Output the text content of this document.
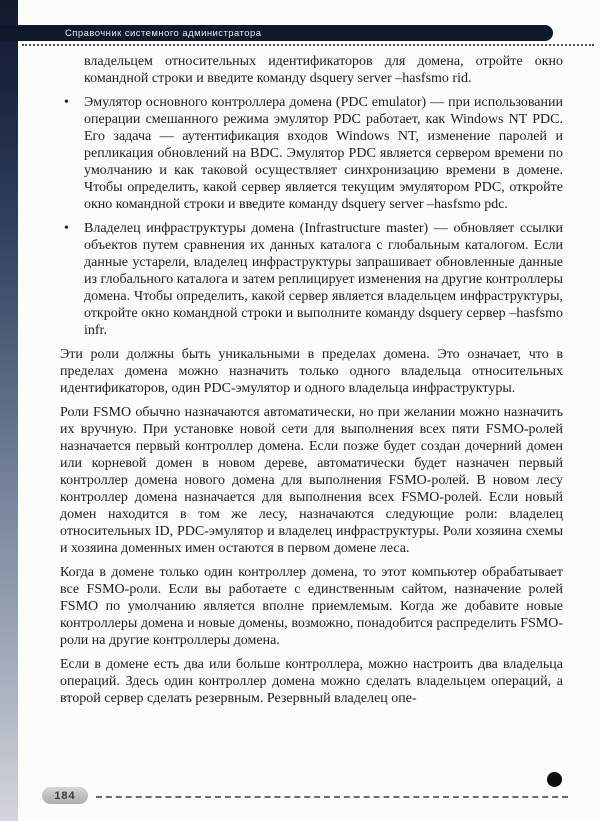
Справочник системного администратора

владельцем относительных идентификаторов для домена, отройте окно командной строки и введите команду dsquery server –hasfsmo rid.

• Эмулятор основного контроллера домена (PDC emulator) — при использовании операции смешанного режима эмулятор PDC работает, как Windows NT PDC. Его задача — аутентификация входов Windows NT, изменение паролей и репликация обновлений на BDC. Эмулятор PDC является сервером времени по умолчанию и как таковой осуществляет синхронизацию времени в домене. Чтобы определить, какой сервер является текущим эмулятором PDC, откройте окно командной строки и введите команду dsquery server –hasfsmo pdc.
• Владелец инфраструктуры домена (Infrastructure master) — обновляет ссылки объектов путем сравнения их данных каталога с глобальным каталогом. Если данные устарели, владелец инфраструктуры запрашивает обновленные данные из глобального каталога и затем реплицирует изменения на другие контроллеры домена. Чтобы определить, какой сервер является владельцем инфраструктуры, откройте окно командной строки и выполните команду dsquery сервер –hasfsmo infr.

Эти роли должны быть уникальными в пределах домена. Это означает, что в пределах домена можно назначить только одного владельца относительных идентификаторов, один PDC-эмулятор и одного владельца инфраструктуры.

Роли FSMO обычно назначаются автоматически, но при желании можно назначить их вручную. При установке новой сети для выполнения всех пяти FSMO-ролей назначается первый контроллер домена. Если позже будет создан дочерний домен или корневой домен в новом дереве, автоматически будет назначен первый контроллер домена нового домена для выполнения FSMO-ролей. В новом лесу контроллер домена назначается для выполнения всех FSMO-ролей. Если новый домен находится в том же лесу, назначаются следующие роли: владелец относительных ID, PDC-эмулятор и владелец инфраструктуры. Роли хозяина схемы и хозяина доменных имен остаются в первом домене леса.

Когда в домене только один контроллер домена, то этот компьютер обрабатывает все FSMO-роли. Если вы работаете с единственным сайтом, назначение ролей FSMO по умолчанию является вполне приемлемым. Когда же добавите новые контроллеры домена и новые домены, возможно, понадобится распределить FSMO-роли на другие контроллеры домена.

Если в домене есть два или больше контроллера, можно настроить два владельца операций. Здесь один контроллер домена можно сделать владельцем операций, а второй сервер сделать резервным. Резервный владелец опе-

184
